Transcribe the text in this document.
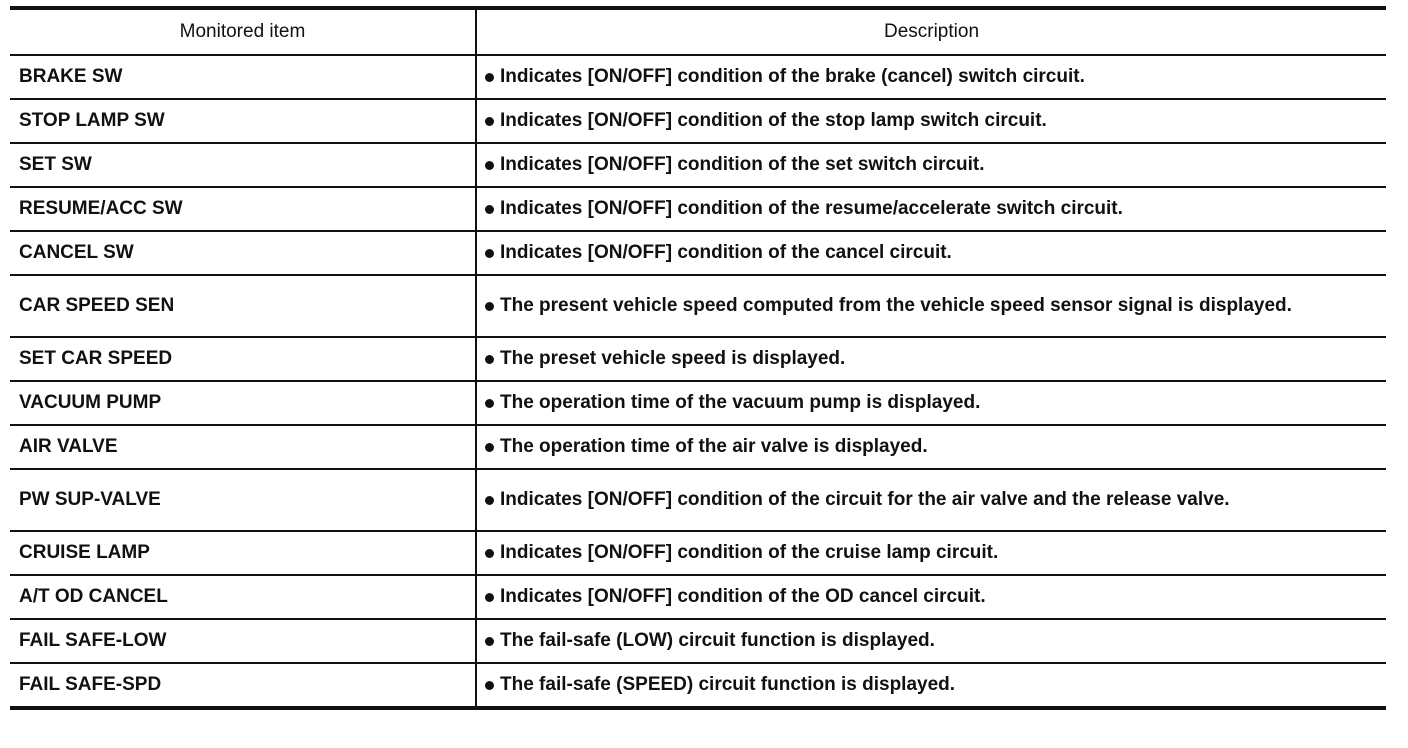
Monitored item	Description
BRAKE SW	Indicates [ON/OFF] condition of the brake (cancel) switch circuit.

STOP LAMP SW	Indicates [ON/OFF] condition of the stop lamp switch circuit.

SET SW	Indicates [ON/OFF] condition of the set switch circuit.

RESUME/ACC SW	Indicates [ON/OFF] condition of the resume/accelerate switch circuit.

CANCEL SW	Indicates [ON/OFF] condition of the cancel circuit.

CAR SPEED SEN	The present vehicle speed computed from the vehicle speed sensor signal is displayed.

SET CAR SPEED	The preset vehicle speed is displayed.

VACUUM PUMP	The operation time of the vacuum pump is displayed.

AIR VALVE	The operation time of the air valve is displayed.

PW SUP-VALVE	Indicates [ON/OFF] condition of the circuit for the air valve and the release valve.

CRUISE LAMP	Indicates [ON/OFF] condition of the cruise lamp circuit.

A/T OD CANCEL	Indicates [ON/OFF] condition of the OD cancel circuit.

FAIL SAFE-LOW	The fail-safe (LOW) circuit function is displayed.

FAIL SAFE-SPD	The fail-safe (SPEED) circuit function is displayed.
